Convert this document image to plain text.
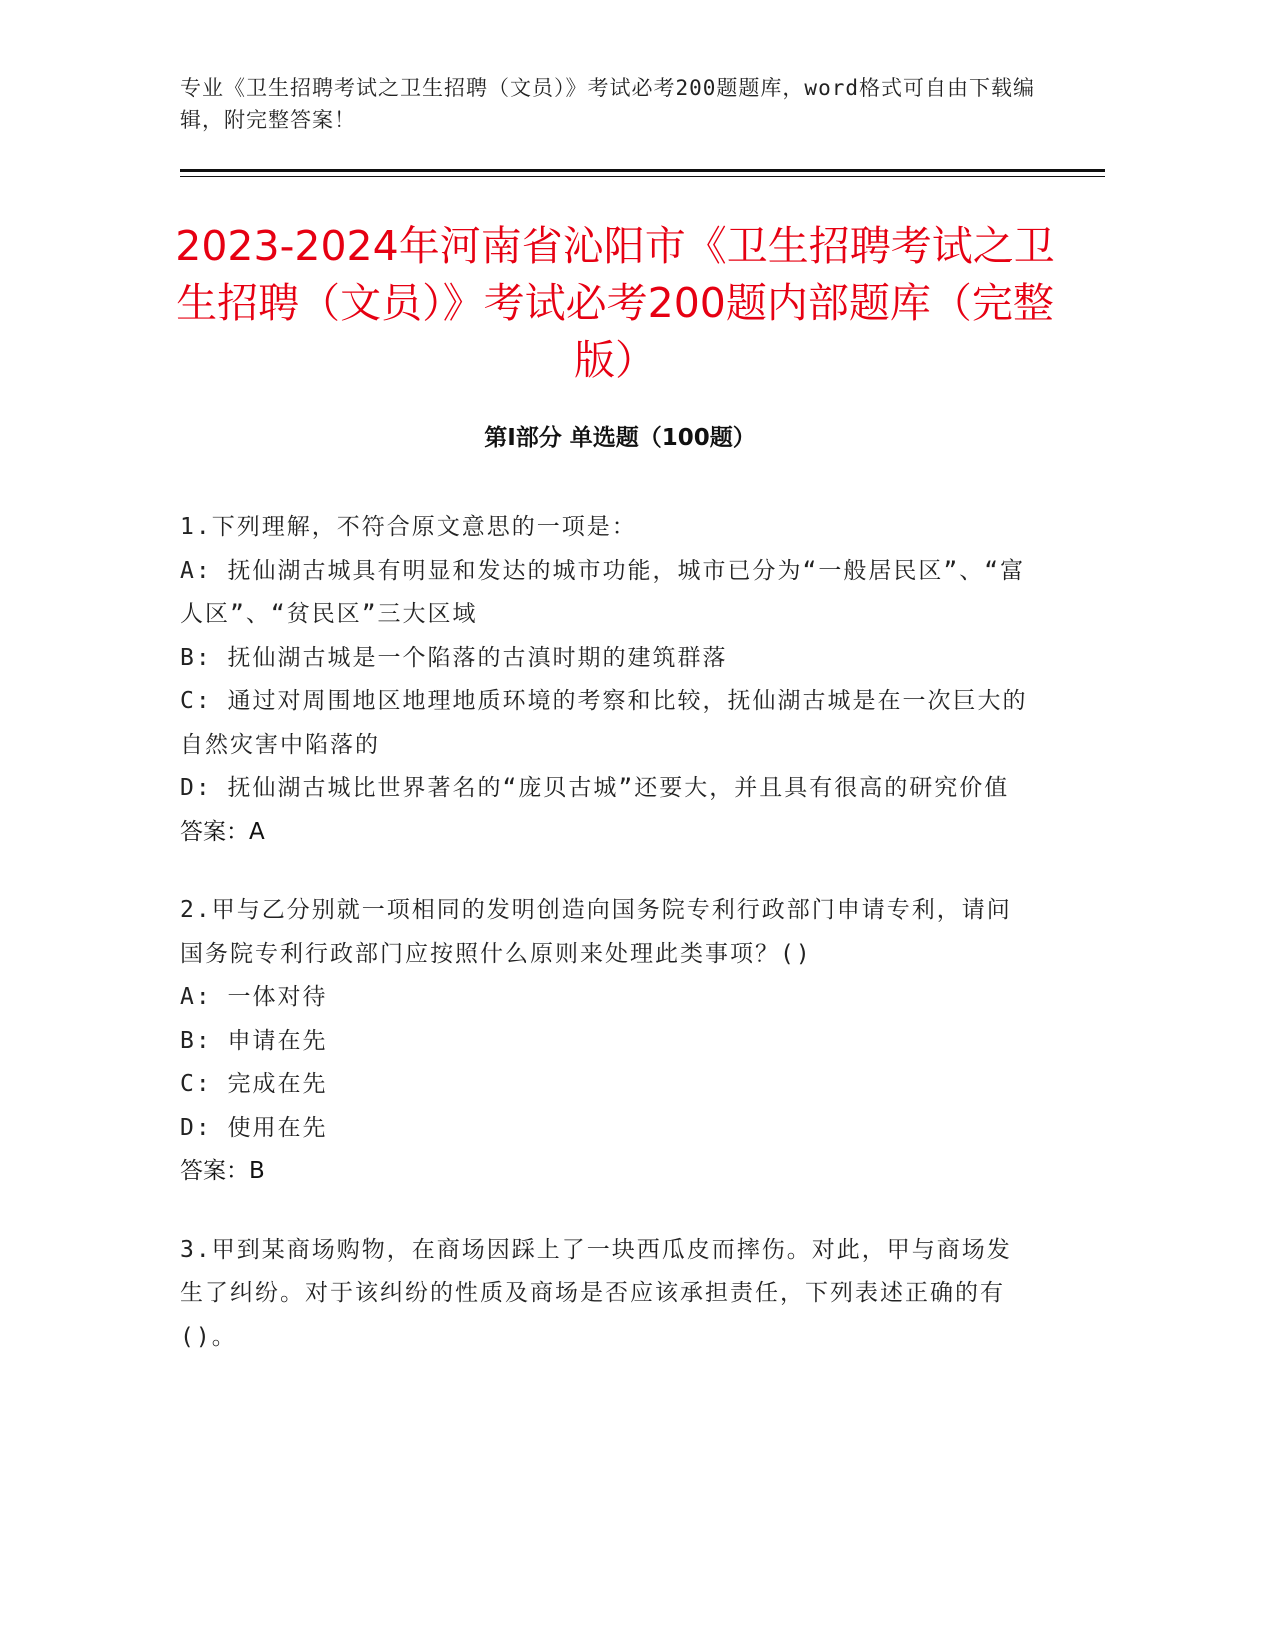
专业《卫生招聘考试之卫生招聘（文员）》考试必考200题题库，word格式可自由下载编辑，附完整答案！
2023-2024年河南省沁阳市《卫生招聘考试之卫生招聘（文员）》考试必考200题内部题库（完整版）
第Ⅰ部分 单选题（100题）

1.下列理解，不符合原文意思的一项是：

A: 抚仙湖古城具有明显和发达的城市功能，城市已分为“一般居民区”、“富人区”、“贫民区”三大区域

B: 抚仙湖古城是一个陷落的古滇时期的建筑群落

C: 通过对周围地区地理地质环境的考察和比较，抚仙湖古城是在一次巨大的自然灾害中陷落的

D: 抚仙湖古城比世界著名的“庞贝古城”还要大，并且具有很高的研究价值

答案：A

2.甲与乙分别就一项相同的发明创造向国务院专利行政部门申请专利，请问国务院专利行政部门应按照什么原则来处理此类事项？()

A: 一体对待

B: 申请在先

C: 完成在先

D: 使用在先

答案：B

3.甲到某商场购物，在商场因踩上了一块西瓜皮而摔伤。对此，甲与商场发生了纠纷。对于该纠纷的性质及商场是否应该承担责任，下列表述正确的有()。
